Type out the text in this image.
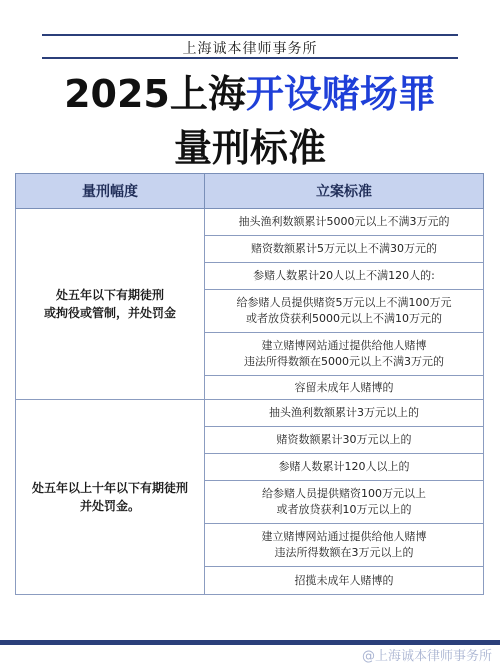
上海诚本律师事务所
2025上海开设赌场罪
量刑标准
量刑幅度	立案标准

处五年以下有期徒刑
或拘役或管制，并处罚金	抽头渔利数额累计5000元以上不满3万元的

	赌资数额累计5万元以上不满30万元的

	参赌人数累计20人以上不满120人的:

	给参赌人员提供赌资5万元以上不满100万元
或者放贷获利5000元以上不满10万元的

	建立赌博网站通过提供给他人赌博
违法所得数额在5000元以上不满3万元的

	容留未成年人赌博的

处五年以上十年以下有期徒刑
并处罚金。	抽头渔利数额累计3万元以上的

	赌资数额累计30万元以上的

	参赌人数累计120人以上的

	给参赌人员提供赌资100万元以上
或者放贷获利10万元以上的

	建立赌博网站通过提供给他人赌博
违法所得数额在3万元以上的

	招揽未成年人赌博的
@上海诚本律师事务所
